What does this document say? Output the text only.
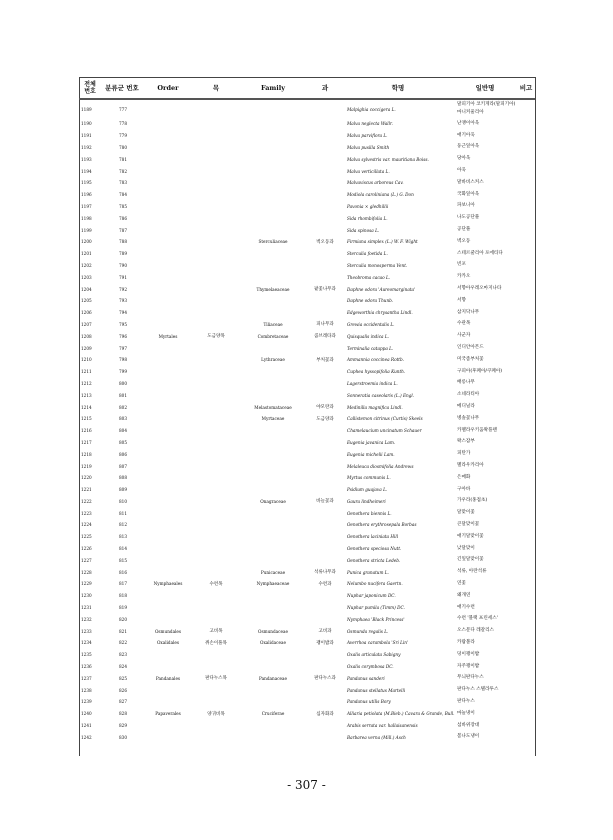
전체
번호	분류군 번호	Order	목	Family	과	학명	일반명	비고
1189	777					Malpighia coccigera L.	말피기아 코키게라(말피기아)
마니커울리아	
1190	778					Malva neglecta Wallr.	난쟁이아욱	
1191	779					Malva parviflora L.	애기아욱	
1192	780					Malva pusilla Smith	둥근잎아욱	
1193	781					Malva sylvestris var. mauritiana Boiss.	당아욱	
1194	782					Malva verticillata L.	아욱	
1195	783					Malvaviscus arboreus Cav.	말바비스커스	
1196	784					Modiola caroliniana (L.) G. Don	국화잎아욱	
1197	785					Pavonia × gledhillii	파보니아	
1198	786					Sida rhombifolia L.	나도공단풀	
1199	787					Sida spinosa L.	공단풀	
1200	788			Sterculiaceae	벽오동과	Firmiana simplex (L.) W. F. Wight	벽오동	
1201	789					Sterculia foetida L.	스테르쿨리아 포에티다	
1202	790					Sterculia monosperma Vent.	빈포	
1203	791					Theobroma cacao L.	카카오	
1204	792			Thymelaeaceae	팥꽃나무과	Daphne odora 'Aureomarginata'	서향아우레오마지나타	
1205	793					Daphne odora Thunb.	서향	
1206	794					Edgeworthia chrysantha Lindl.	삼지닥나무	
1207	795			Tiliaceae	피나무과	Grewia occidentalis L.	수관목	
1208	796	Myrtales	도금양목	Combretaceae	콤브레타과	Quisqualis indica L.	사군자	
1209	797					Terminalia catappa L.	인디안아몬드	
1210	798			Lythraceae	부처꽃과	Ammannia coccinea Rottb.	미국좀부처꽃	
1211	799					Cuphea hyssopifolia Kunth.	구피아(후페아/쿠페아)	
1212	800					Lagerstroemia indica L.	배롱나무	
1213	801					Sonneratia caseolaris (L.) Engl.	소네라티아	
1214	802			Melastomataceae	야모란과	Medinilla magnifica Lindl.	메디닐라	
1215	803			Myrtaceae	도금양과	Callistemon citrinus (Curtis) Skeels	병솔꽃나무	
1216	804					Chamelaucium uncinatum Schauer	카멜라우키움왁플랜	
1217	805					Eugenia javanica Lam.	왁스잠부	
1218	806					Eugenia michelii Lam.	피탄가	
1219	807					Melaleuca diosmifolia Andrews	멜라우카리아	
1220	808					Myrtus communis L.	은매화	
1221	809					Psidium guajava L.	구아바	
1222	810			Onagraceae	바늘꽃과	Gaura lindheimeri	가우라(홍접초)	
1223	811					Oenothera biennis L.	달맞이꽃	
1224	812					Oenothera erythrosepala Borbas	큰달맞이꽃	
1225	813					Oenothera laciniata Hill	애기달맞이꽃	
1226	814					Oenothera speciosa Nutt.	낮달맞이	
1227	815					Oenothera stricta Ledeb.	긴잎달맞이꽃	
1228	816			Punicaceae	석류나무과	Punica granatum L.	석류, 아란석류	
1229	817	Nymphaeales	수련목	Nymphaeaceae	수련과	Nelumbo nucifera Gaertn.	연꽃	
1230	818					Nuphar japonicum DC.	왜개연	
1231	819					Nuphar pumila (Timm) DC.	애기수련	
1232	820					Nymphaea 'Black Princess'	수련 '블랙 프린세스'	
1233	821	Osmundales	고비목	Osmundaceae	고비과	Osmunda regalis L.	오스문다 레갈리스	
1234	822	Oxalidales	쥐손이풀목	Oxalidaceae	괭이밥과	Averrhoa carambola 'Sri Lin'	카람볼라	
1235	823					Oxalis articulata Sabigny	덩이괭이밥	
1236	824					Oxalis corymbosa DC.	자주괭이밥	
1237	825	Pandanales	판다누스목	Pandanaceae	판다누스과	Pandanus sanderi	무늬판다누스	
1238	826					Pandanus stellatus Martelli	판다누스 스텔라투스	
1239	827					Pandanus utilis Bory	판다누스	
1240	828	Papaverales	양귀비목	Cruciferae	십자화과	Alliaria petiolata (M.Bieb.) Cavara & Grande, Bull.	마늘냉이	
1241	829					Arabis serrata var. hallaisanensis	섬바위장대	
1242	830					Barbarea verna (Mill.) Asch	봄나도냉이	
- 307 -
